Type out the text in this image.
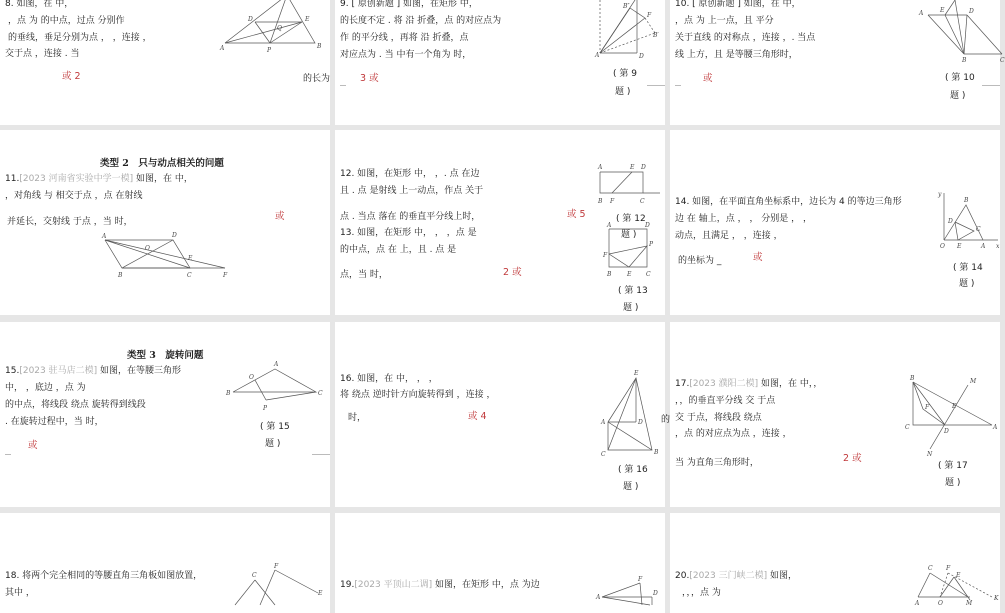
8. 如图，在 中，
，点 为 的中点，过点 分别作
的垂线，垂足分别为点 ， ，连接 ，
交于点 ，连接 . 当
或 2	的长为
D	E
A	B
P
Q
9. [ 原创新题 ] 如图，在矩形 中，
的长度不定 . 将 沿 折叠，点 的对应点为
作 的平分线 ，再将 沿 折叠，点
对应点为 . 当 中有一个角为 时，
3 或
A	D
F
B″
B′
( 第 9
题 )
10. [ 原创新题 ] 如图，在 中，
，点 为 上一点，且 平分
关于直线 的对称点 ，连接 ，. 当点
线 上方，且 是等腰三角形时，
或
A	E	D
B	C
( 第 10
题 )
类型 2　只与动点相关的问题
11.[2023 河南省实验中学一模] 如图，在 中，
，对角线 与 相交于点 ，点 在射线
并延长，交射线 于点 ，当 时，	或
A	D
B	C	F
O
E
12. 如图，在矩形 中， ，. 点 在边
且 . 点 是射线 上一动点，作点 关于
点 . 当点 落在 的垂直平分线上时，
13. 如图，在矩形 中， ， ，点 是
的中点，点 在 上，且 . 点 是
点，当 时，
或 5
2 或
A	E D
B F	C
( 第 12
题 )
A	D
P
F
B	E C
( 第 13
题 )
14. 如图，在平面直角坐标系中，边长为 4 的等边三角形
边 在 轴上，点 ， ， 分别是 ， ，
动点，且满足 ， ，连接 ，
的坐标为 _	或
y
B
D
C
O E	A x
( 第 14
题 )
类型 3　旋转问题
15.[2023 驻马店二模] 如图，在等腰三角形
中， ，底边 ，点 为
的中点，将线段 绕点 旋转得到线段
. 在旋转过程中，当 时，
或
B
A
C
O
P
( 第 15
题 )
16. 如图，在 中， ， ，
将 绕点 逆时针方向旋转得到 ，连接 ，
时，	的
或 4
E
A	D
C	B
( 第 16
题 )
17.[2023 濮阳二模] 如图，在 中，，
，，的垂直平分线 交 于点
交 于点，将线段 绕点
，点 的对应点为点 ，连接 ，
当 为直角三角形时，	2 或
B	M
C
D
A
E
F
N
( 第 17
题 )
18. 将两个完全相同的等腰直角三角板如图放置，
其中 ，
C
F
E
19.[2023 平顶山二调] 如图，在矩形 中，点 为边
A
F
D
20.[2023 三门峡二模] 如图，
，，，点 为
C F
E
K
A	O	M
